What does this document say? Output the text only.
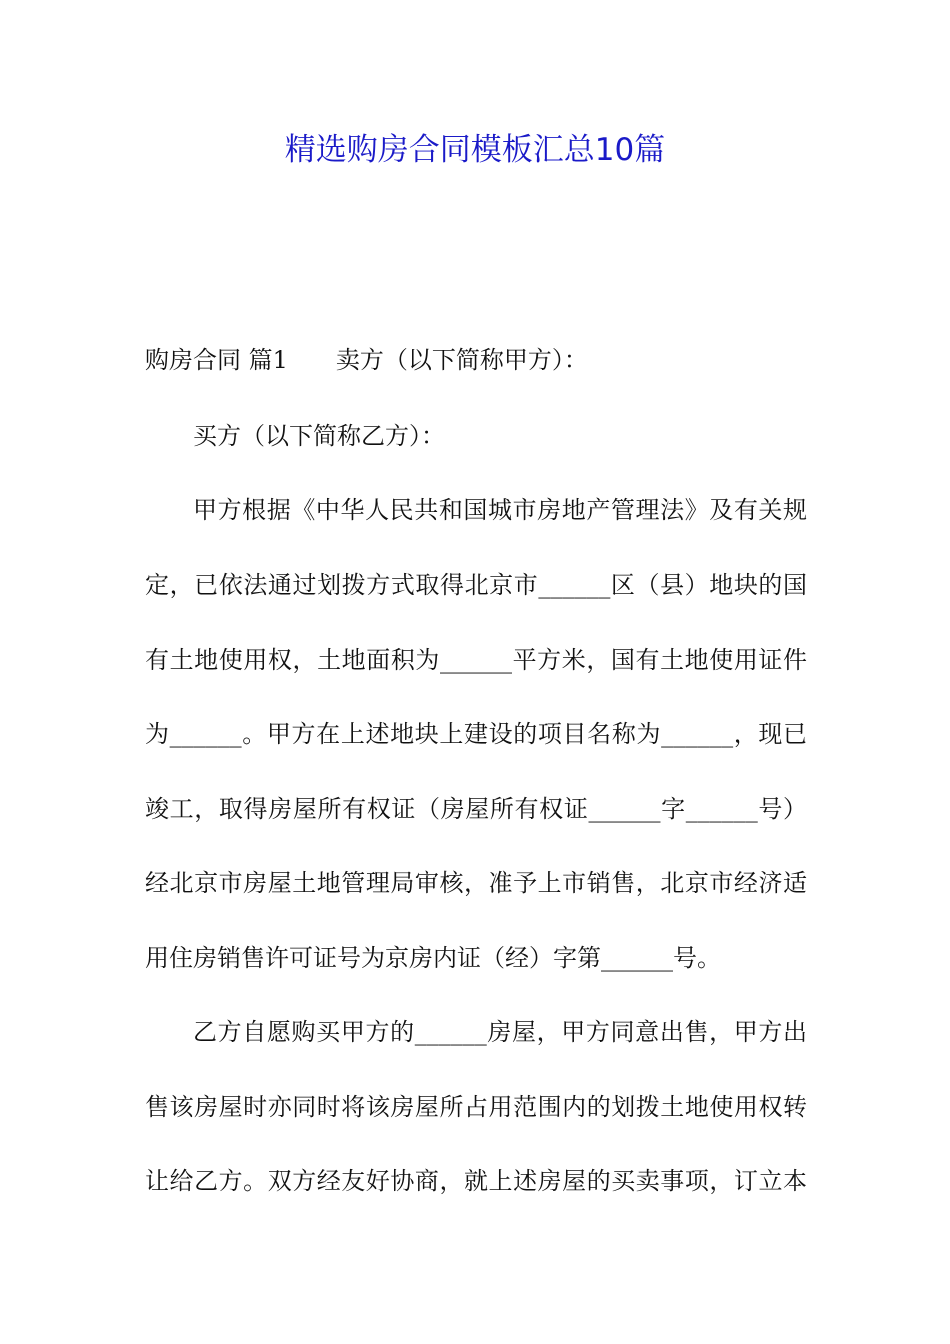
精选购房合同模板汇总10篇

购房合同 篇1　　卖方（以下简称甲方）：

买方（以下简称乙方）：

甲方根据《中华人民共和国城市房地产管理法》及有关规

定，已依法通过划拨方式取得北京市______区（县）地块的国

有土地使用权，土地面积为______平方米，国有土地使用证件

为______。甲方在上述地块上建设的项目名称为______，现已

竣工，取得房屋所有权证（房屋所有权证______字______号）

经北京市房屋土地管理局审核，准予上市销售，北京市经济适

用住房销售许可证号为京房内证（经）字第______号。

乙方自愿购买甲方的______房屋，甲方同意出售，甲方出

售该房屋时亦同时将该房屋所占用范围内的划拨土地使用权转

让给乙方。双方经友好协商，就上述房屋的买卖事项，订立本
